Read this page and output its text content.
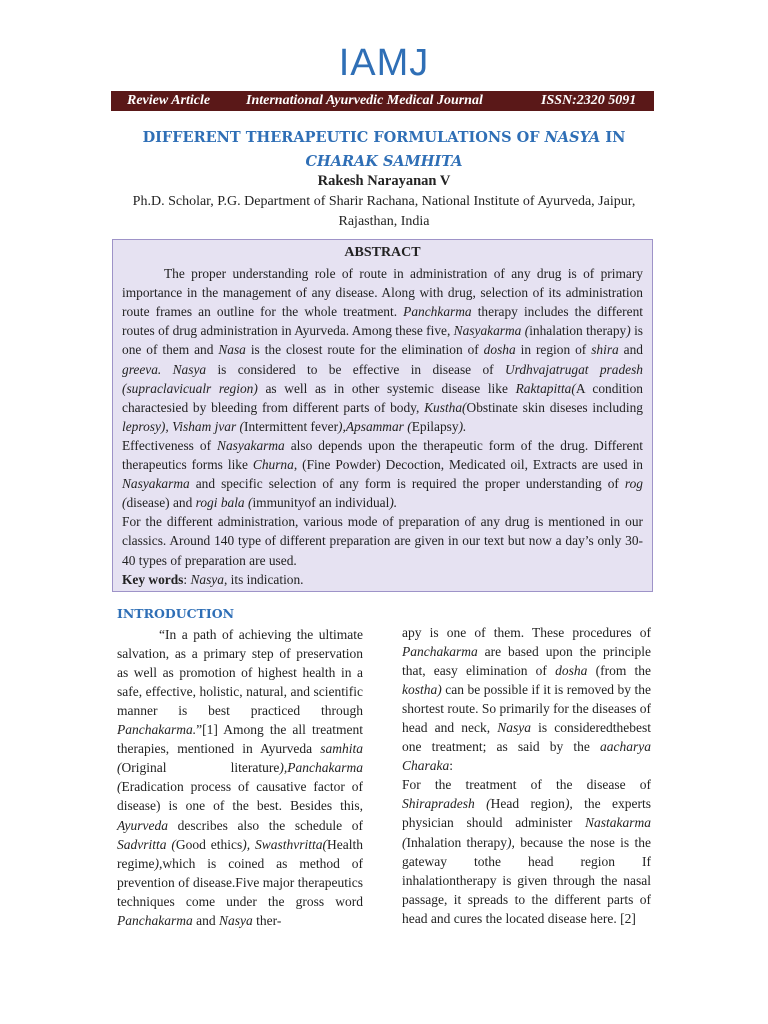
IAMJ
Review Article	International Ayurvedic Medical Journal	ISSN:2320 5091
DIFFERENT THERAPEUTIC FORMULATIONS OF NASYA IN CHARAK SAMHITA
Rakesh Narayanan V
Ph.D. Scholar, P.G. Department of Sharir Rachana, National Institute of Ayurveda, Jaipur, Rajasthan, India
ABSTRACT

The proper understanding role of route in administration of any drug is of primary importance in the management of any disease. Along with drug, selection of its administration route frames an outline for the whole treatment. Panchkarma therapy includes the different routes of drug administration in Ayurveda. Among these five, Nasyakarma (inhalation therapy) is one of them and Nasa is the closest route for the elimination of dosha in region of shira and greeva. Nasya is considered to be effective in disease of Urdhvajatrugat pradesh (supraclavicualr region) as well as in other systemic disease like Raktapitta(A condition charactesied by bleeding from different parts of body, Kustha(Obstinate skin diseses including leprosy), Visham jvar (Intermittent fever),Apsammar (Epilapsy).

Effectiveness of Nasyakarma also depends upon the therapeutic form of the drug. Different therapeutics forms like Churna, (Fine Powder) Decoction, Medicated oil, Extracts are used in Nasyakarma and specific selection of any form is required the proper understanding of rog (disease) and rogi bala (immunityof an individual).

For the different administration, various mode of preparation of any drug is mentioned in our classics. Around 140 type of different preparation are given in our text but now a day’s only 30- 40 types of preparation are used.

Key words: Nasya, its indication.

INTRODUCTION

“In a path of achieving the ultimate salvation, as a primary step of preservation as well as promotion of highest health in a safe, effective, holistic, natural, and scientific manner is best practiced through Panchakarma.”[1] Among the all treatment therapies, mentioned in Ayurveda samhita (Original literature),Panchakarma (Eradication process of causative factor of disease) is one of the best. Besides this, Ayurveda describes also the schedule of Sadvritta (Good ethics), Swasthvritta(Health regime),which is coined as method of prevention of disease.Five major therapeutics techniques come under the gross word Panchakarma and Nasya ther-

apy is one of them. These procedures of Panchakarma are based upon the principle that, easy elimination of dosha (from the kostha) can be possible if it is removed by the shortest route. So primarily for the diseases of head and neck, Nasya is consideredthebest one treatment; as said by the aacharya Charaka:

For the treatment of the disease of Shirapradesh (Head region), the experts physician should administer Nastakarma (Inhalation therapy), because the nose is the gateway tothe head region If inhalationtherapy is given through the nasal passage, it spreads to the different parts of head and cures the located disease here. [2]
